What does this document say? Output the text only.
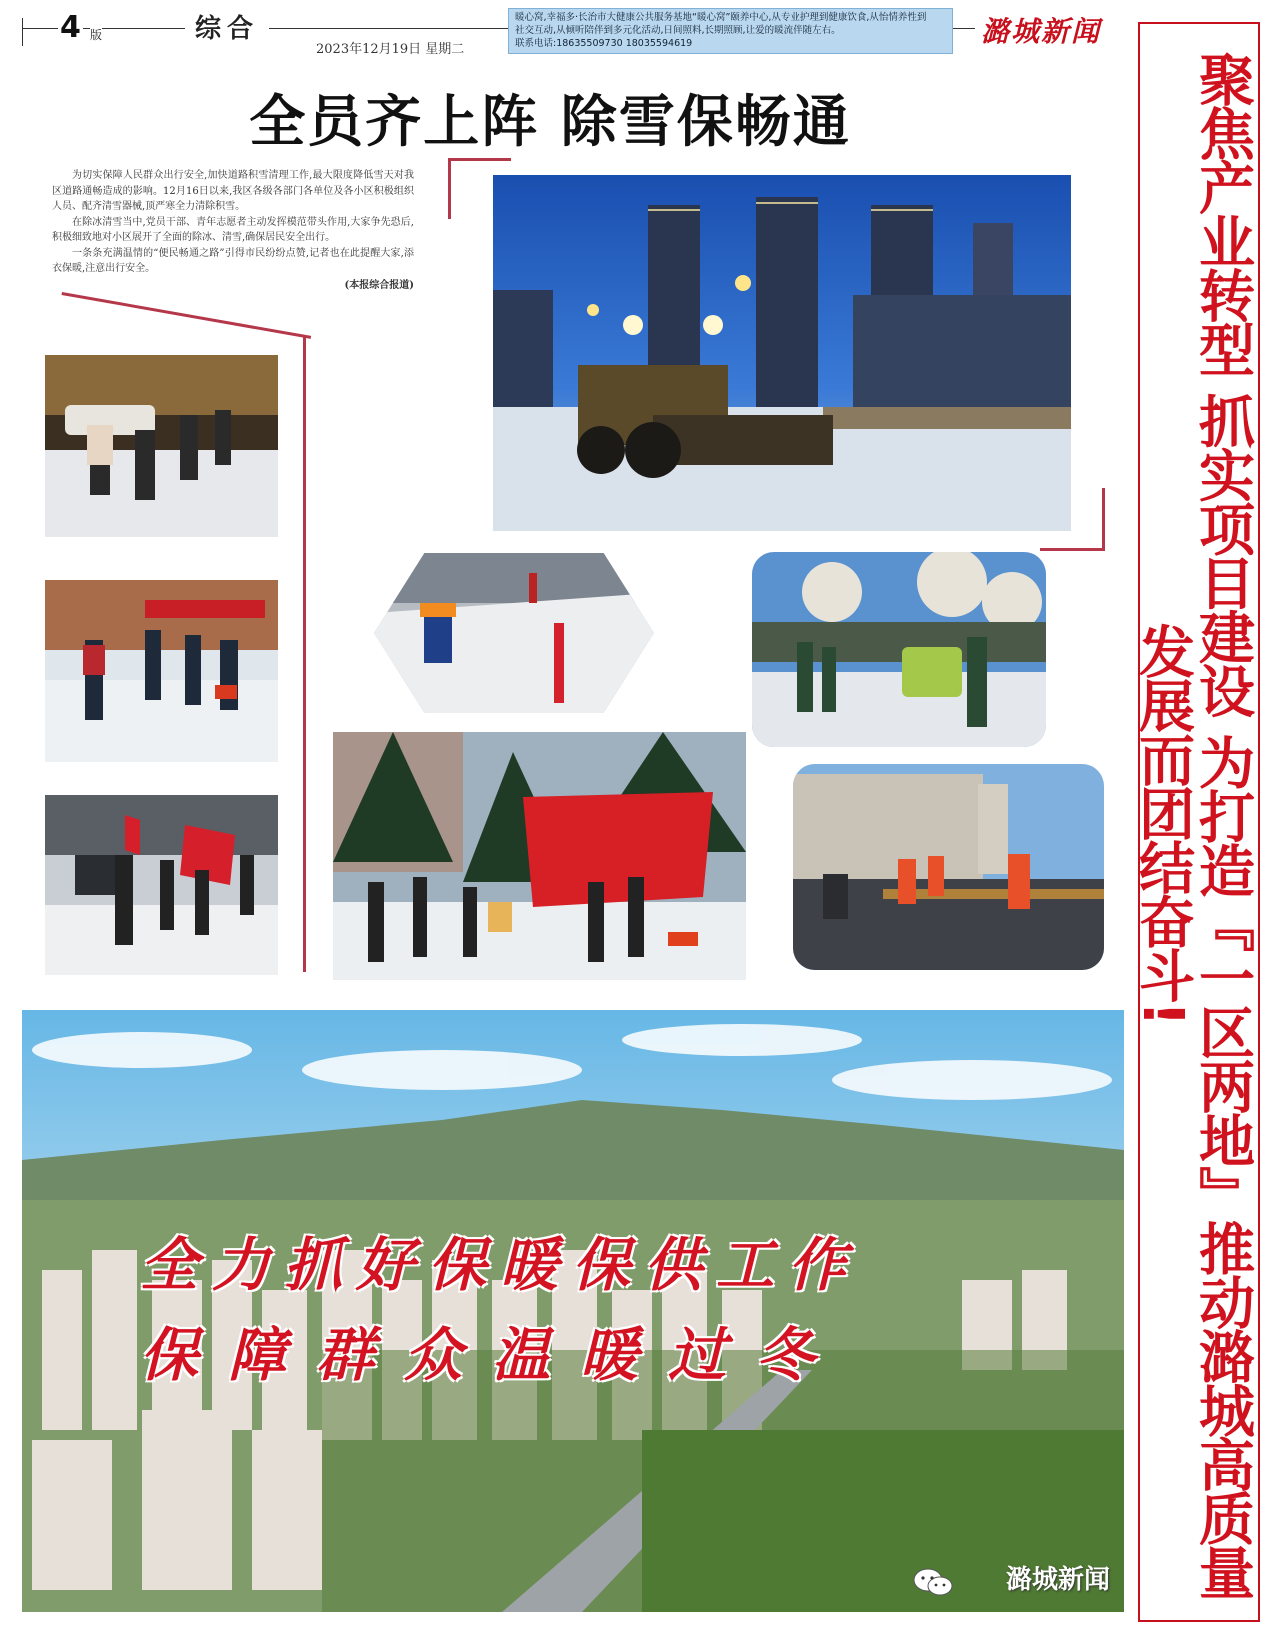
4 版	综合
2023年12月19日 星期二
暖心窝,幸福多·长治市大健康公共服务基地“暖心窝”颐养中心,从专业护理到健康饮食,从怡情养性到
社交互动,从倾听陪伴到多元化活动,日间照料,长期照顾,让爱的暖流伴随左右。
联系电话:18635509730 18035594619	潞城新闻
聚焦产业转型 抓实项目建设 为打造『一区两地』推动潞城高质量发展而团结奋斗!
全员齐上阵 除雪保畅通

为切实保障人民群众出行安全,加快道路积雪清理工作,最大限度降低雪天对我区道路通畅造成的影响。12月16日以来,我区各级各部门各单位及各小区积极组织人员、配齐清雪器械,顶严寒全力清除积雪。

在除冰清雪当中,党员干部、青年志愿者主动发挥模范带头作用,大家争先恐后,积极细致地对小区展开了全面的除冰、清雪,确保居民安全出行。

一条条充满温情的“便民畅通之路”引得市民纷纷点赞,记者也在此提醒大家,添衣保暖,注意出行安全。

(本报综合报道)
全力抓好保暖保供工作
保障群众温暖过冬
潞城新闻
